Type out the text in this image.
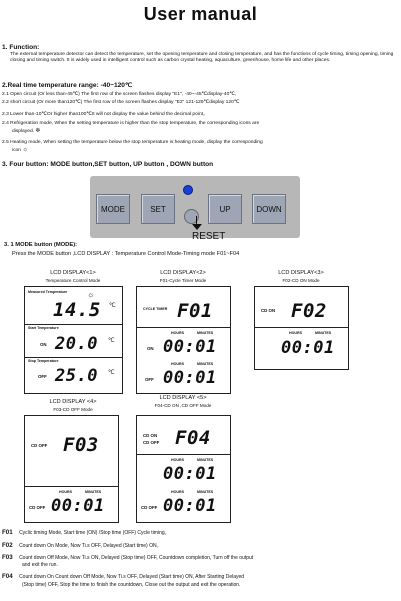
User manual
1. Function:
The external temperature detector can detect the temperature, set the opening temperature and closing temperature, and has the functions of cycle timing, timing opening, timing closing and timing switch. It is widely used in intelligent control such as carbon crystal heating, aquaculture, greenhouse, home life and other places.
2.Real time temperature range: -40~120℃
2.1 Open circuit (Or less than-45℃) The first row of the screen flashes display "E1", -40~-45℃display-40℃,
2.2 short circuit (Or more than120℃) The first row of the screen flashes display "E2" 121-129℃display 120℃
2.3 Lower than-10℃Or higher than100℃It will not display the value behind the decimal point。
2.4 Refrigeration mode, When the setting temperature is higher than the stop temperature, the corresponding icons are
displayed. ❄
2.5 Heating mode, When setting the temperature below the stop temperature is heating mode, display the corresponding
icon ☼
3. Four button: MODE button,SET button, UP button , DOWN button
MODE	SET	UP	DOWN
RESET
3. 1 MODE button (MODE):
Press the MODE button ,LCD DISPLAY : Temperature Control Mode-Timing mode F01~F04
LCD DISPLAY<1>
Temperature Control Mode
Measured Temperature ☼
14.5 ℃
Start Temperature
ON 20.0 ℃
Stop Temperature
OFF 25.0 ℃
LCD DISPLAY<2>
F01-Cycle Timer Mode
CYCLE TIMER F01
HOURS	MINUTES
ON 00:01
HOURS	MINUTES
OFF 00:01
LCD DISPLAY<3>
F02-CD ON Mode
CD ON F02
HOURS	MINUTES
00:01
LCD DISPLAY <4>
F03-CD OFF Mode
CD OFF F03
HOURS	MINUTES
CD OFF 00:01
LCD DISPLAY <5>
F04-CD ON ,CD OFF Mode
CD ON
CD OFF F04
HOURS	MINUTES
00:01
HOURS	MINUTES
CD OFF 00:01
F01 Cyclic timing Mode, Start time (ON) /Stop time (OFF) Cycle timing。
F02 Count down On Mode, Now Ti.s OFF, Delayed (Start time) ON。
F03 Count down Off Mode, Now Ti.s ON, Delayed (Stop time) OFF, Countdown completion, Turn off the output
and exit the run.
F04 Count down On Count down Off Mode, Now Ti.s OFF, Delayed (Start time) ON, After Starting Delayed
(Stop time) OFF, Stop the time to finish the countdown, Close out the output and exit the operation.
